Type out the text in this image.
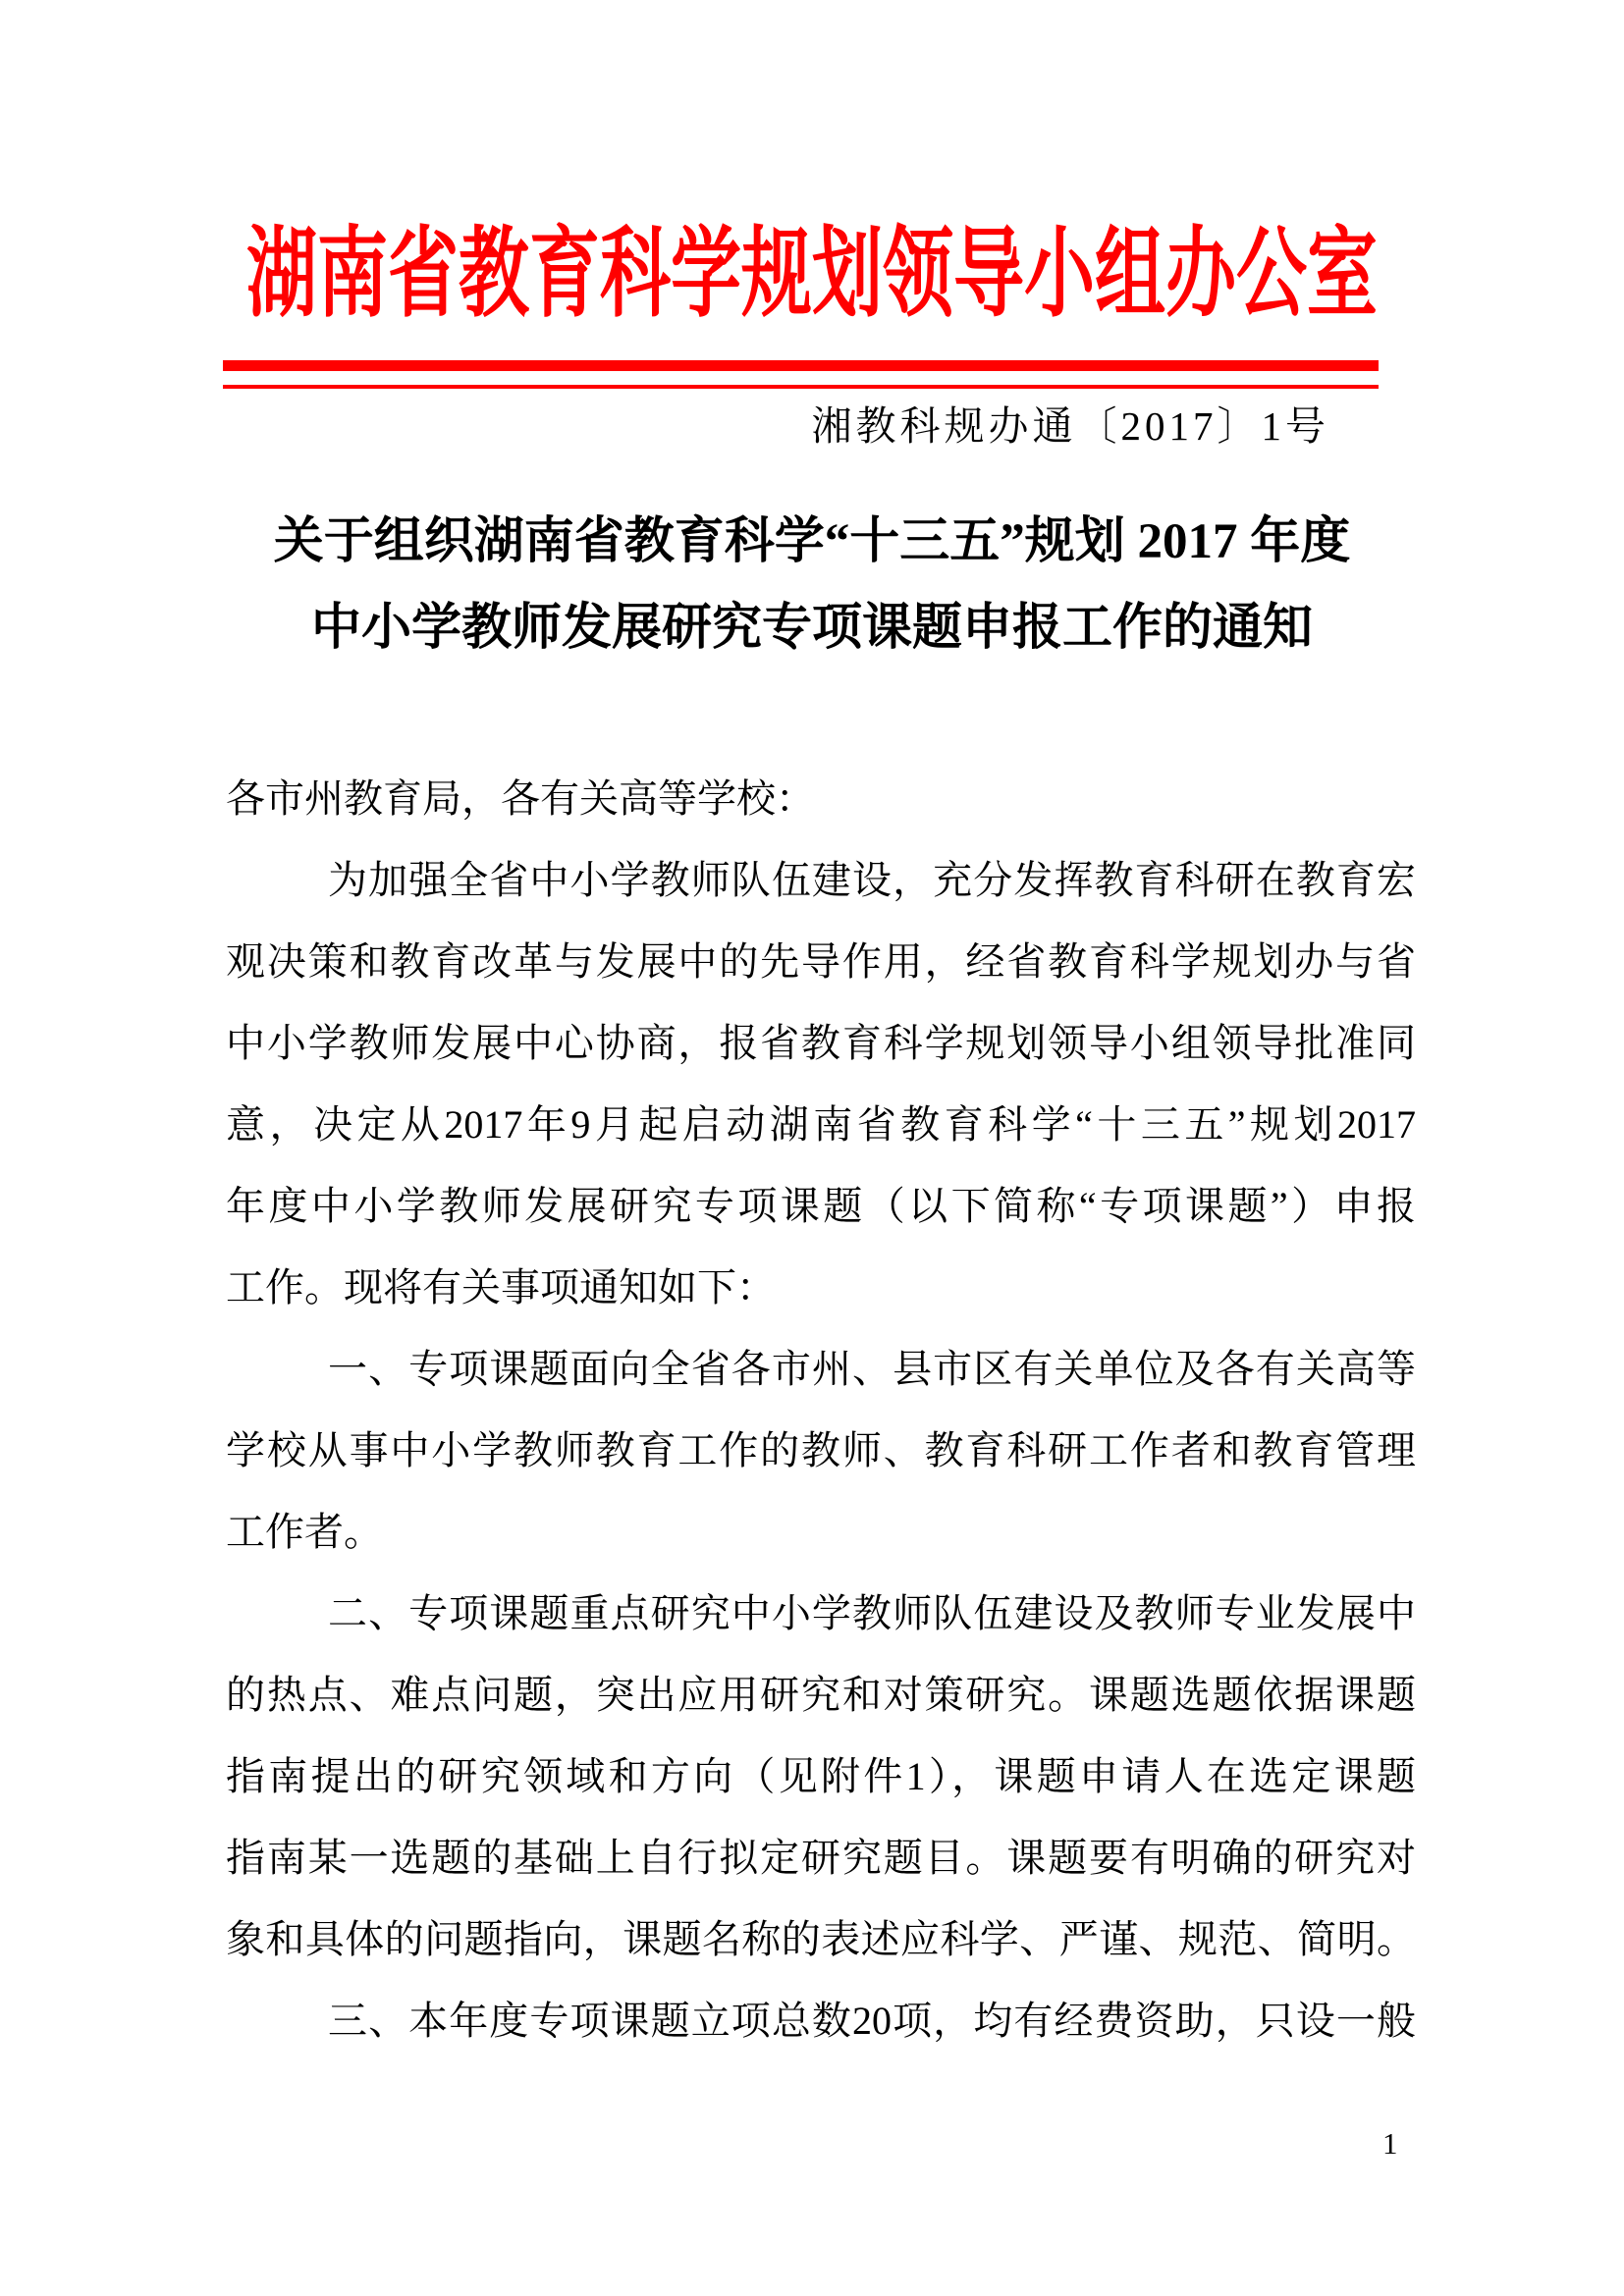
湖南省教育科学规划领导小组办公室
湘教科规办通〔2017〕1号
关于组织湖南省教育科学“十三五”规划 2017 年度
中小学教师发展研究专项课题申报工作的通知
各市州教育局，各有关高等学校：
为加强全省中小学教师队伍建设，充分发挥教育科研在教育宏
观决策和教育改革与发展中的先导作用，经省教育科学规划办与省
中小学教师发展中心协商，报省教育科学规划领导小组领导批准同
意，决定从2017年9月起启动湖南省教育科学“十三五”规划2017
年度中小学教师发展研究专项课题（以下简称“专项课题”）申报
工作。现将有关事项通知如下：
一、专项课题面向全省各市州、县市区有关单位及各有关高等
学校从事中小学教师教育工作的教师、教育科研工作者和教育管理
工作者。
二、专项课题重点研究中小学教师队伍建设及教师专业发展中
的热点、难点问题，突出应用研究和对策研究。课题选题依据课题
指南提出的研究领域和方向（见附件1），课题申请人在选定课题
指南某一选题的基础上自行拟定研究题目。课题要有明确的研究对
象和具体的问题指向，课题名称的表述应科学、严谨、规范、简明。
三、本年度专项课题立项总数20项，均有经费资助，只设一般
1
